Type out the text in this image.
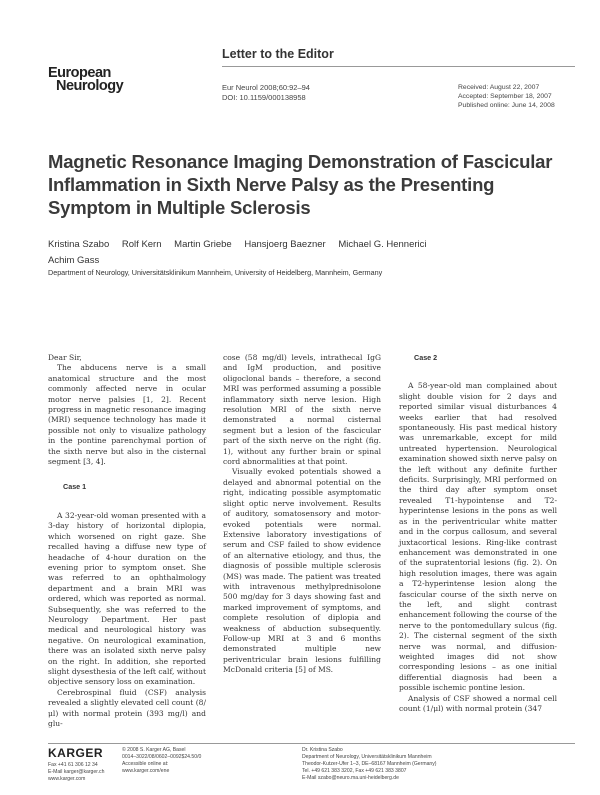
Letter to the Editor
European
Neurology	Eur Neurol 2008;60:92–94
DOI: 10.1159/000138958
Received: August 22, 2007
Accepted: September 18, 2007
Published online: June 14, 2008
Magnetic Resonance Imaging Demonstration of Fascicular Inflammation in Sixth Nerve Palsy as the Presenting Symptom in Multiple Sclerosis
Kristina Szabo Rolf Kern Martin Griebe Hansjoerg Baezner Michael G. Hennerici
Achim Gass
Department of Neurology, Universitätsklinikum Mannheim, University of Heidelberg, Mannheim, Germany

Dear Sir,

The abducens nerve is a small anatomical structure and the most commonly affected nerve in ocular motor nerve palsies [1, 2]. Recent progress in magnetic resonance imaging (MRI) sequence technology has made it possible not only to visualize pathology in the pontine parenchymal portion of the sixth nerve but also in the cisternal segment [3, 4].

Case 1

A 32-year-old woman presented with a 3-day history of horizontal diplopia, which worsened on right gaze. She recalled having a diffuse new type of headache of 4-hour duration on the evening prior to symptom onset. She was referred to an ophthalmology department and a brain MRI was ordered, which was reported as normal. Subsequently, she was referred to the Neurology Department. Her past medical and neurological history was negative. On neurological examination, there was an isolated sixth nerve palsy on the right. In addition, she reported slight dysesthesia of the left calf, without objective sensory loss on examination.

Cerebrospinal fluid (CSF) analysis revealed a slightly elevated cell count (8/μl) with normal protein (393 mg/l) and glu-

cose (58 mg/dl) levels, intrathecal IgG and IgM production, and positive oligoclonal bands – therefore, a second MRI was performed assuming a possible inflammatory sixth nerve lesion. High resolution MRI of the sixth nerve demonstrated a normal cisternal segment but a lesion of the fascicular part of the sixth nerve on the right (fig. 1), without any further brain or spinal cord abnormalities at that point.

Visually evoked potentials showed a delayed and abnormal potential on the right, indicating possible asymptomatic slight optic nerve involvement. Results of auditory, somatosensory and motor-evoked potentials were normal. Extensive laboratory investigations of serum and CSF failed to show evidence of an alternative etiology, and thus, the diagnosis of possible multiple sclerosis (MS) was made. The patient was treated with intravenous methylprednisolone 500 mg/day for 3 days showing fast and marked improvement of symptoms, and complete resolution of diplopia and weakness of abduction subsequently. Follow-up MRI at 3 and 6 months demonstrated multiple new periventricular brain lesions fulfilling McDonald criteria [5] of MS.

Case 2

A 58-year-old man complained about slight double vision for 2 days and reported similar visual disturbances 4 weeks earlier that had resolved spontaneously. His past medical history was unremarkable, except for mild untreated hypertension. Neurological examination showed sixth nerve palsy on the left without any definite further deficits. Surprisingly, MRI performed on the third day after symptom onset revealed T1-hypointense and T2-hyperintense lesions in the pons as well as in the periventricular white matter and in the corpus callosum, and several juxtacortical lesions. Ring-like contrast enhancement was demonstrated in one of the supratentorial lesions (fig. 2). On high resolution images, there was again a T2-hyperintense lesion along the fascicular course of the sixth nerve on the left, and slight contrast enhancement following the course of the nerve to the pontomedullary sulcus (fig. 2). The cisternal segment of the sixth nerve was normal, and diffusion-weighted images did not show corresponding lesions – as one initial differential diagnosis had been a possible ischemic pontine lesion.

Analysis of CSF showed a normal cell count (1/μl) with normal protein (347

KARGER
Fax +41 61 306 12 34
E-Mail karger@karger.ch
www.karger.com
© 2008 S. Karger AG, Basel
0014–3022/08/0602–0092$24.50/0
Accessible online at:
www.karger.com/ene
Dr. Kristina Szabo
Department of Neurology, Universitätsklinikum Mannheim
Theodor-Kutzer-Ufer 1–3, DE–68167 Mannheim (Germany)
Tel. +49 621 383 3202, Fax +49 621 383 3807
E-Mail szabo@neuro.ma.uni-heidelberg.de
